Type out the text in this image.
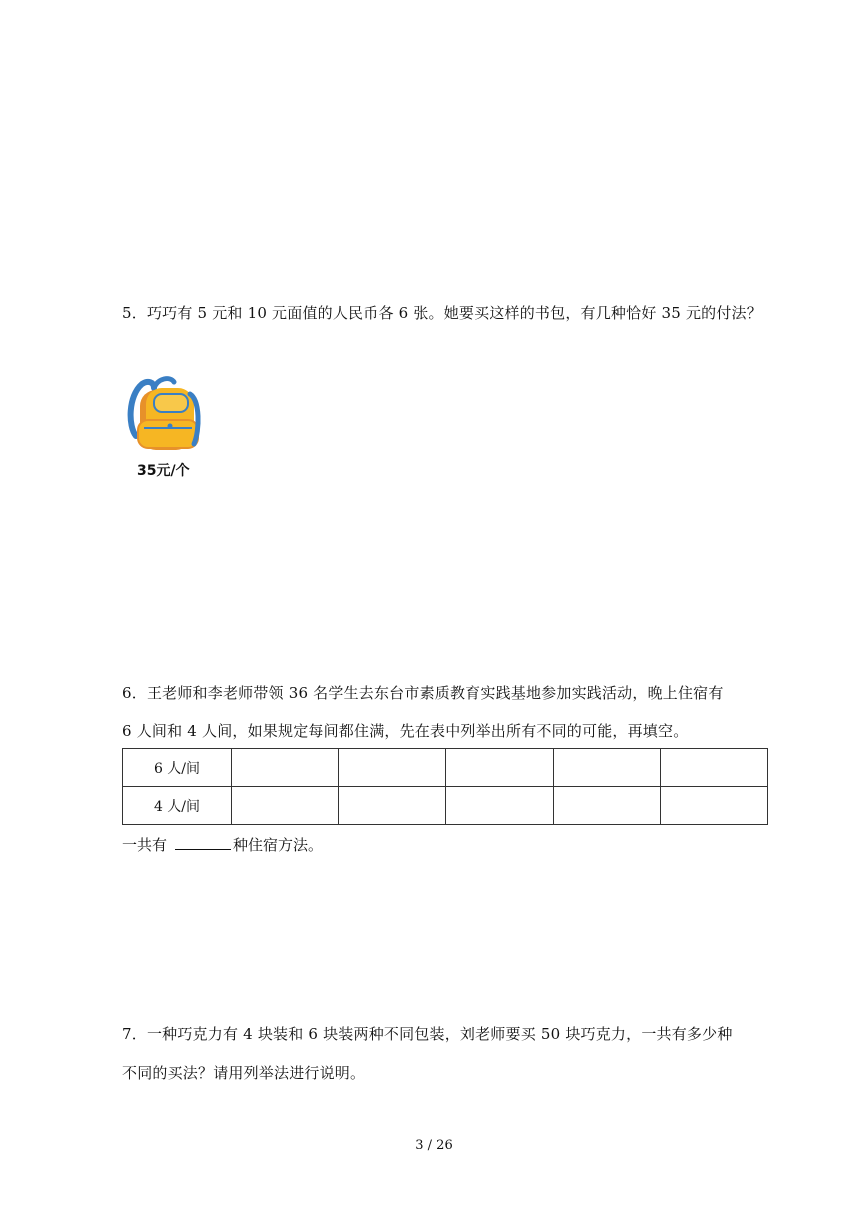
5．巧巧有 5 元和 10 元面值的人民币各 6 张。她要买这样的书包，有几种恰好 35 元的付法？
35元/个
6．王老师和李老师带领 36 名学生去东台市素质教育实践基地参加实践活动，晚上住宿有
6 人间和 4 人间，如果规定每间都住满，先在表中列举出所有不同的可能，再填空。
6 人/间					
4 人/间					
一共有	种住宿方法。
7．一种巧克力有 4 块装和 6 块装两种不同包装，刘老师要买 50 块巧克力，一共有多少种
不同的买法？请用列举法进行说明。
3 / 26
